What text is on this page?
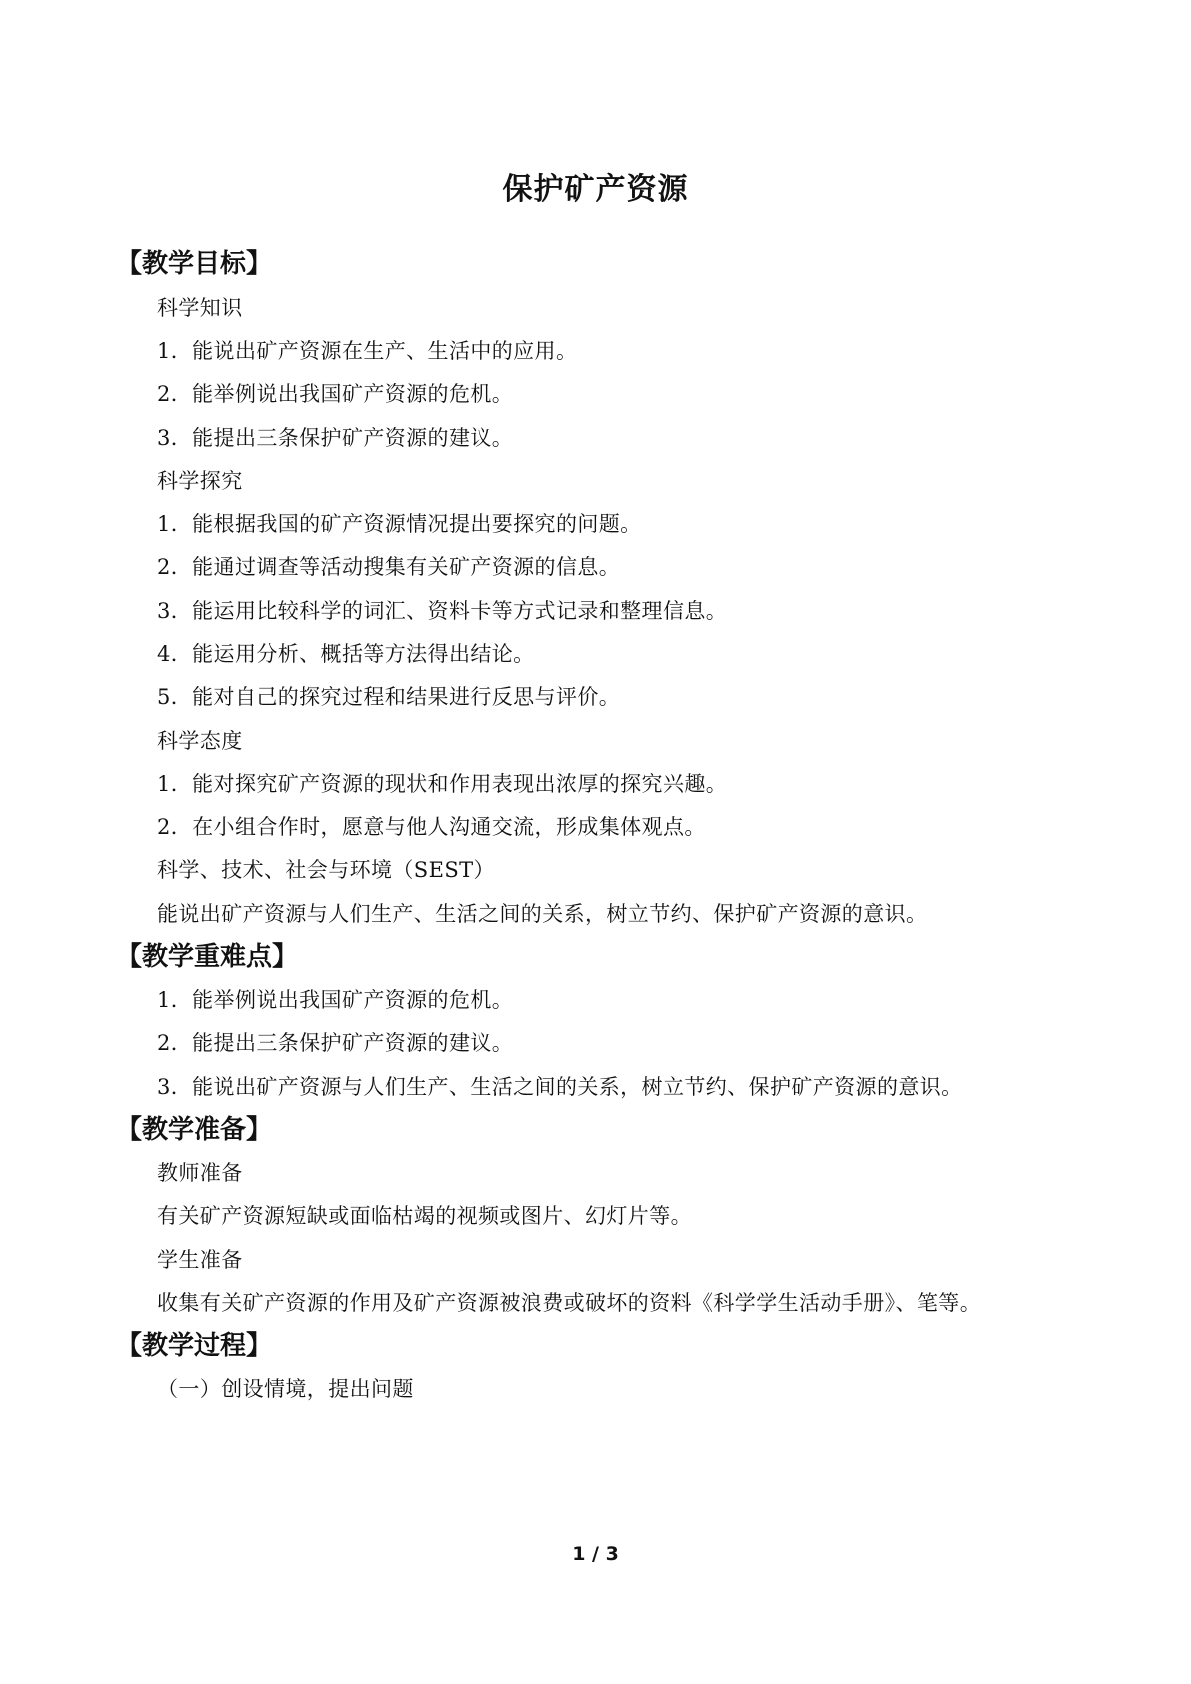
保护矿产资源
【教学目标】
科学知识
1．能说出矿产资源在生产、生活中的应用。
2．能举例说出我国矿产资源的危机。
3．能提出三条保护矿产资源的建议。
科学探究
1．能根据我国的矿产资源情况提出要探究的问题。
2．能通过调查等活动搜集有关矿产资源的信息。
3．能运用比较科学的词汇、资料卡等方式记录和整理信息。
4．能运用分析、概括等方法得出结论。
5．能对自己的探究过程和结果进行反思与评价。
科学态度
1．能对探究矿产资源的现状和作用表现出浓厚的探究兴趣。
2．在小组合作时，愿意与他人沟通交流，形成集体观点。
科学、技术、社会与环境（SEST）
能说出矿产资源与人们生产、生活之间的关系，树立节约、保护矿产资源的意识。
【教学重难点】
1．能举例说出我国矿产资源的危机。
2．能提出三条保护矿产资源的建议。
3．能说出矿产资源与人们生产、生活之间的关系，树立节约、保护矿产资源的意识。
【教学准备】
教师准备
有关矿产资源短缺或面临枯竭的视频或图片、幻灯片等。
学生准备
收集有关矿产资源的作用及矿产资源被浪费或破坏的资料《科学学生活动手册》、笔等。
【教学过程】
（一）创设情境，提出问题
1 / 3
